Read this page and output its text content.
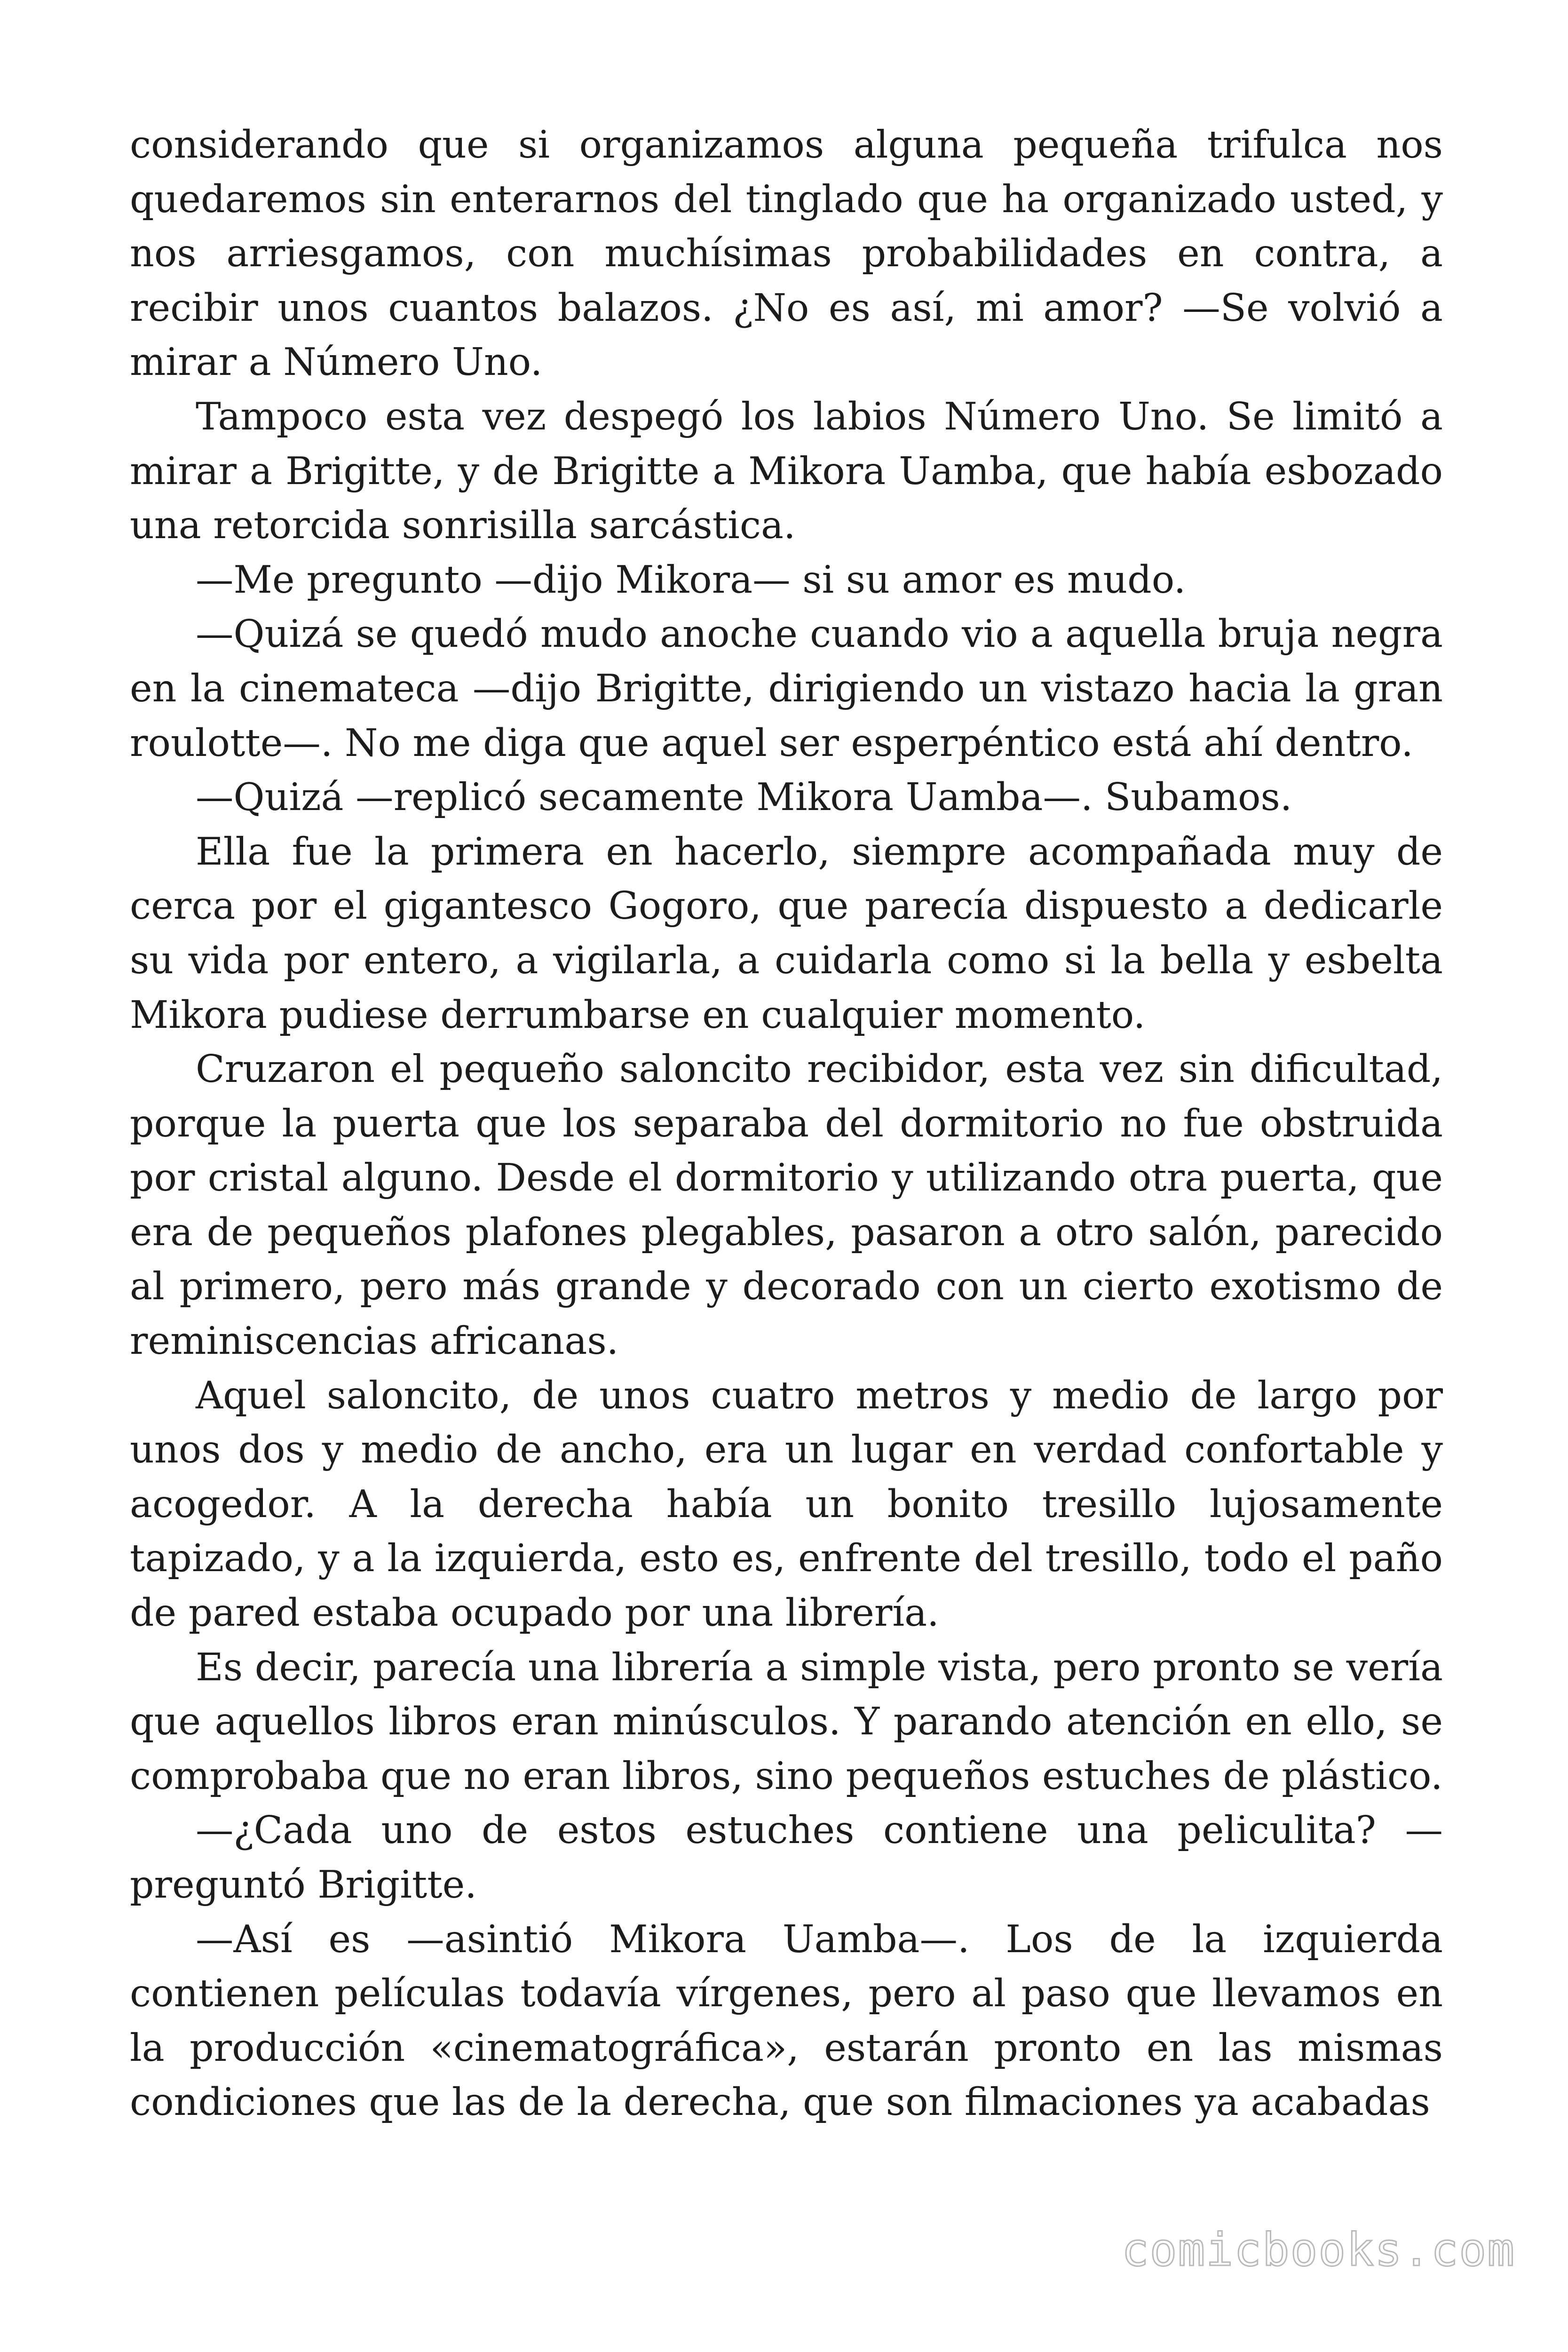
considerando que si organizamos alguna pequeña trifulca nos quedaremos sin enterarnos del tinglado que ha organizado usted, y nos arriesgamos, con muchísimas probabilidades en contra, a recibir unos cuantos balazos. ¿No es así, mi amor? —Se volvió a mirar a Número Uno.

Tampoco esta vez despegó los labios Número Uno. Se limitó a mirar a Brigitte, y de Brigitte a Mikora Uamba, que había esbozado una retorcida sonrisilla sarcástica.

—Me pregunto —dijo Mikora— si su amor es mudo.

—Quizá se quedó mudo anoche cuando vio a aquella bruja negra en la cinemateca —dijo Brigitte, dirigiendo un vistazo hacia la gran roulotte—. No me diga que aquel ser esperpéntico está ahí dentro.

—Quizá —replicó secamente Mikora Uamba—. Subamos.

Ella fue la primera en hacerlo, siempre acompañada muy de cerca por el gigantesco Gogoro, que parecía dispuesto a dedicarle su vida por entero, a vigilarla, a cuidarla como si la bella y esbelta Mikora pudiese derrumbarse en cualquier momento.

Cruzaron el pequeño saloncito recibidor, esta vez sin dificultad, porque la puerta que los separaba del dormitorio no fue obstruida por cristal alguno. Desde el dormitorio y utilizando otra puerta, que era de pequeños plafones plegables, pasaron a otro salón, parecido al primero, pero más grande y decorado con un cierto exotismo de reminiscencias africanas.

Aquel saloncito, de unos cuatro metros y medio de largo por unos dos y medio de ancho, era un lugar en verdad confortable y acogedor. A la derecha había un bonito tresillo lujosamente tapizado, y a la izquierda, esto es, enfrente del tresillo, todo el paño de pared estaba ocupado por una librería.

Es decir, parecía una librería a simple vista, pero pronto se vería que aquellos libros eran minúsculos. Y parando atención en ello, se comprobaba que no eran libros, sino pequeños estuches de plástico.

—¿Cada uno de estos estuches contiene una peliculita? —preguntó Brigitte.

—Así es —asintió Mikora Uamba—. Los de la izquierda contienen películas todavía vírgenes, pero al paso que llevamos en la producción «cinematográfica», estarán pronto en las mismas condiciones que las de la derecha, que son filmaciones ya acabadas

comicbooks.com
